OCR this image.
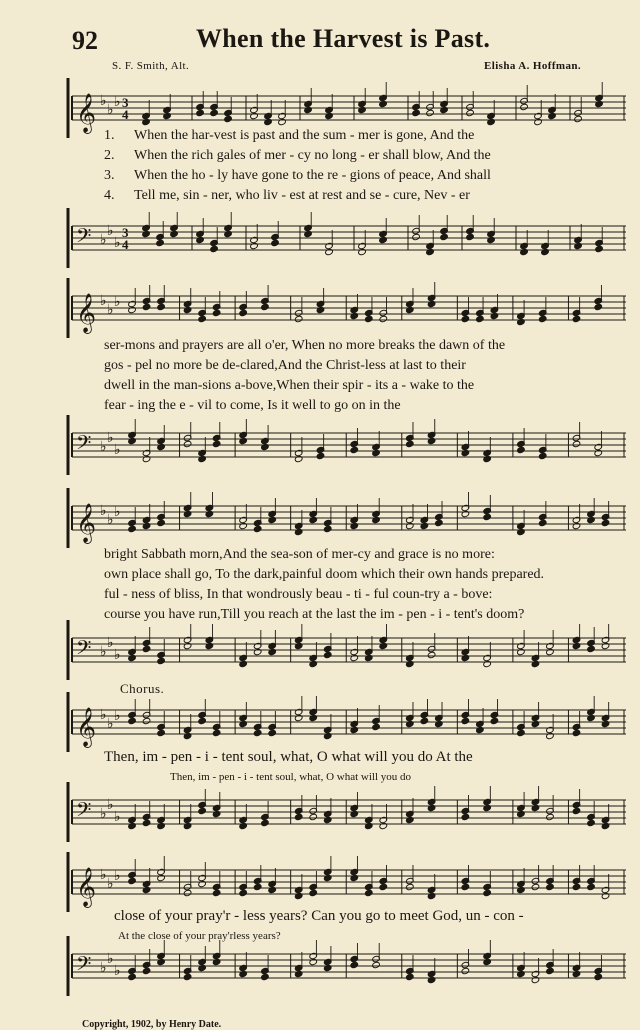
92	When the Harvest is Past.
S. F. Smith, Alt.	Elisha A. Hoffman.
𝄞 ♭
♭ ♭ 3
4
1. When the har-vest is past and the sum - mer is gone, And the
2. When the rich gales of mer - cy no long - er shall blow, And the
3. When the ho - ly have gone to the re - gions of peace, And shall
4. Tell me, sin - ner, who liv - est at rest and se - cure, Nev - er
𝄢 ♭
♭
♭
3
4
𝄞 ♭
♭ ♭
ser-mons and prayers are all o'er, When no more breaks the dawn of the
gos - pel no more be de-clared,And the Christ-less at last to their
dwell in the man-sions a-bove,When their spir - its a - wake to the
fear - ing the e - vil to come, Is it well to go on in the
𝄢 ♭
♭
♭
𝄞 ♭
♭ ♭
bright Sabbath morn,And the sea-son of mer-cy and grace is no more:
own place shall go, To the dark,painful doom which their own hands prepared.
ful - ness of bliss, In that wondrously beau - ti - ful coun-try a - bove:
course you have run,Till you reach at the last the im - pen - i - tent's doom?
𝄢 ♭
♭
♭
Chorus.
𝄞 ♭
♭ ♭
Then, im - pen - i - tent soul, what, O what will you do At the
Then, im - pen - i - tent soul, what, O what will you do
𝄢 ♭
♭
♭
𝄞 ♭
♭ ♭
close of your pray'r - less years? Can you go to meet God, un - con -
At the close of your pray'rless years?
𝄢 ♭
♭
♭
Copyright, 1902, by Henry Date.
